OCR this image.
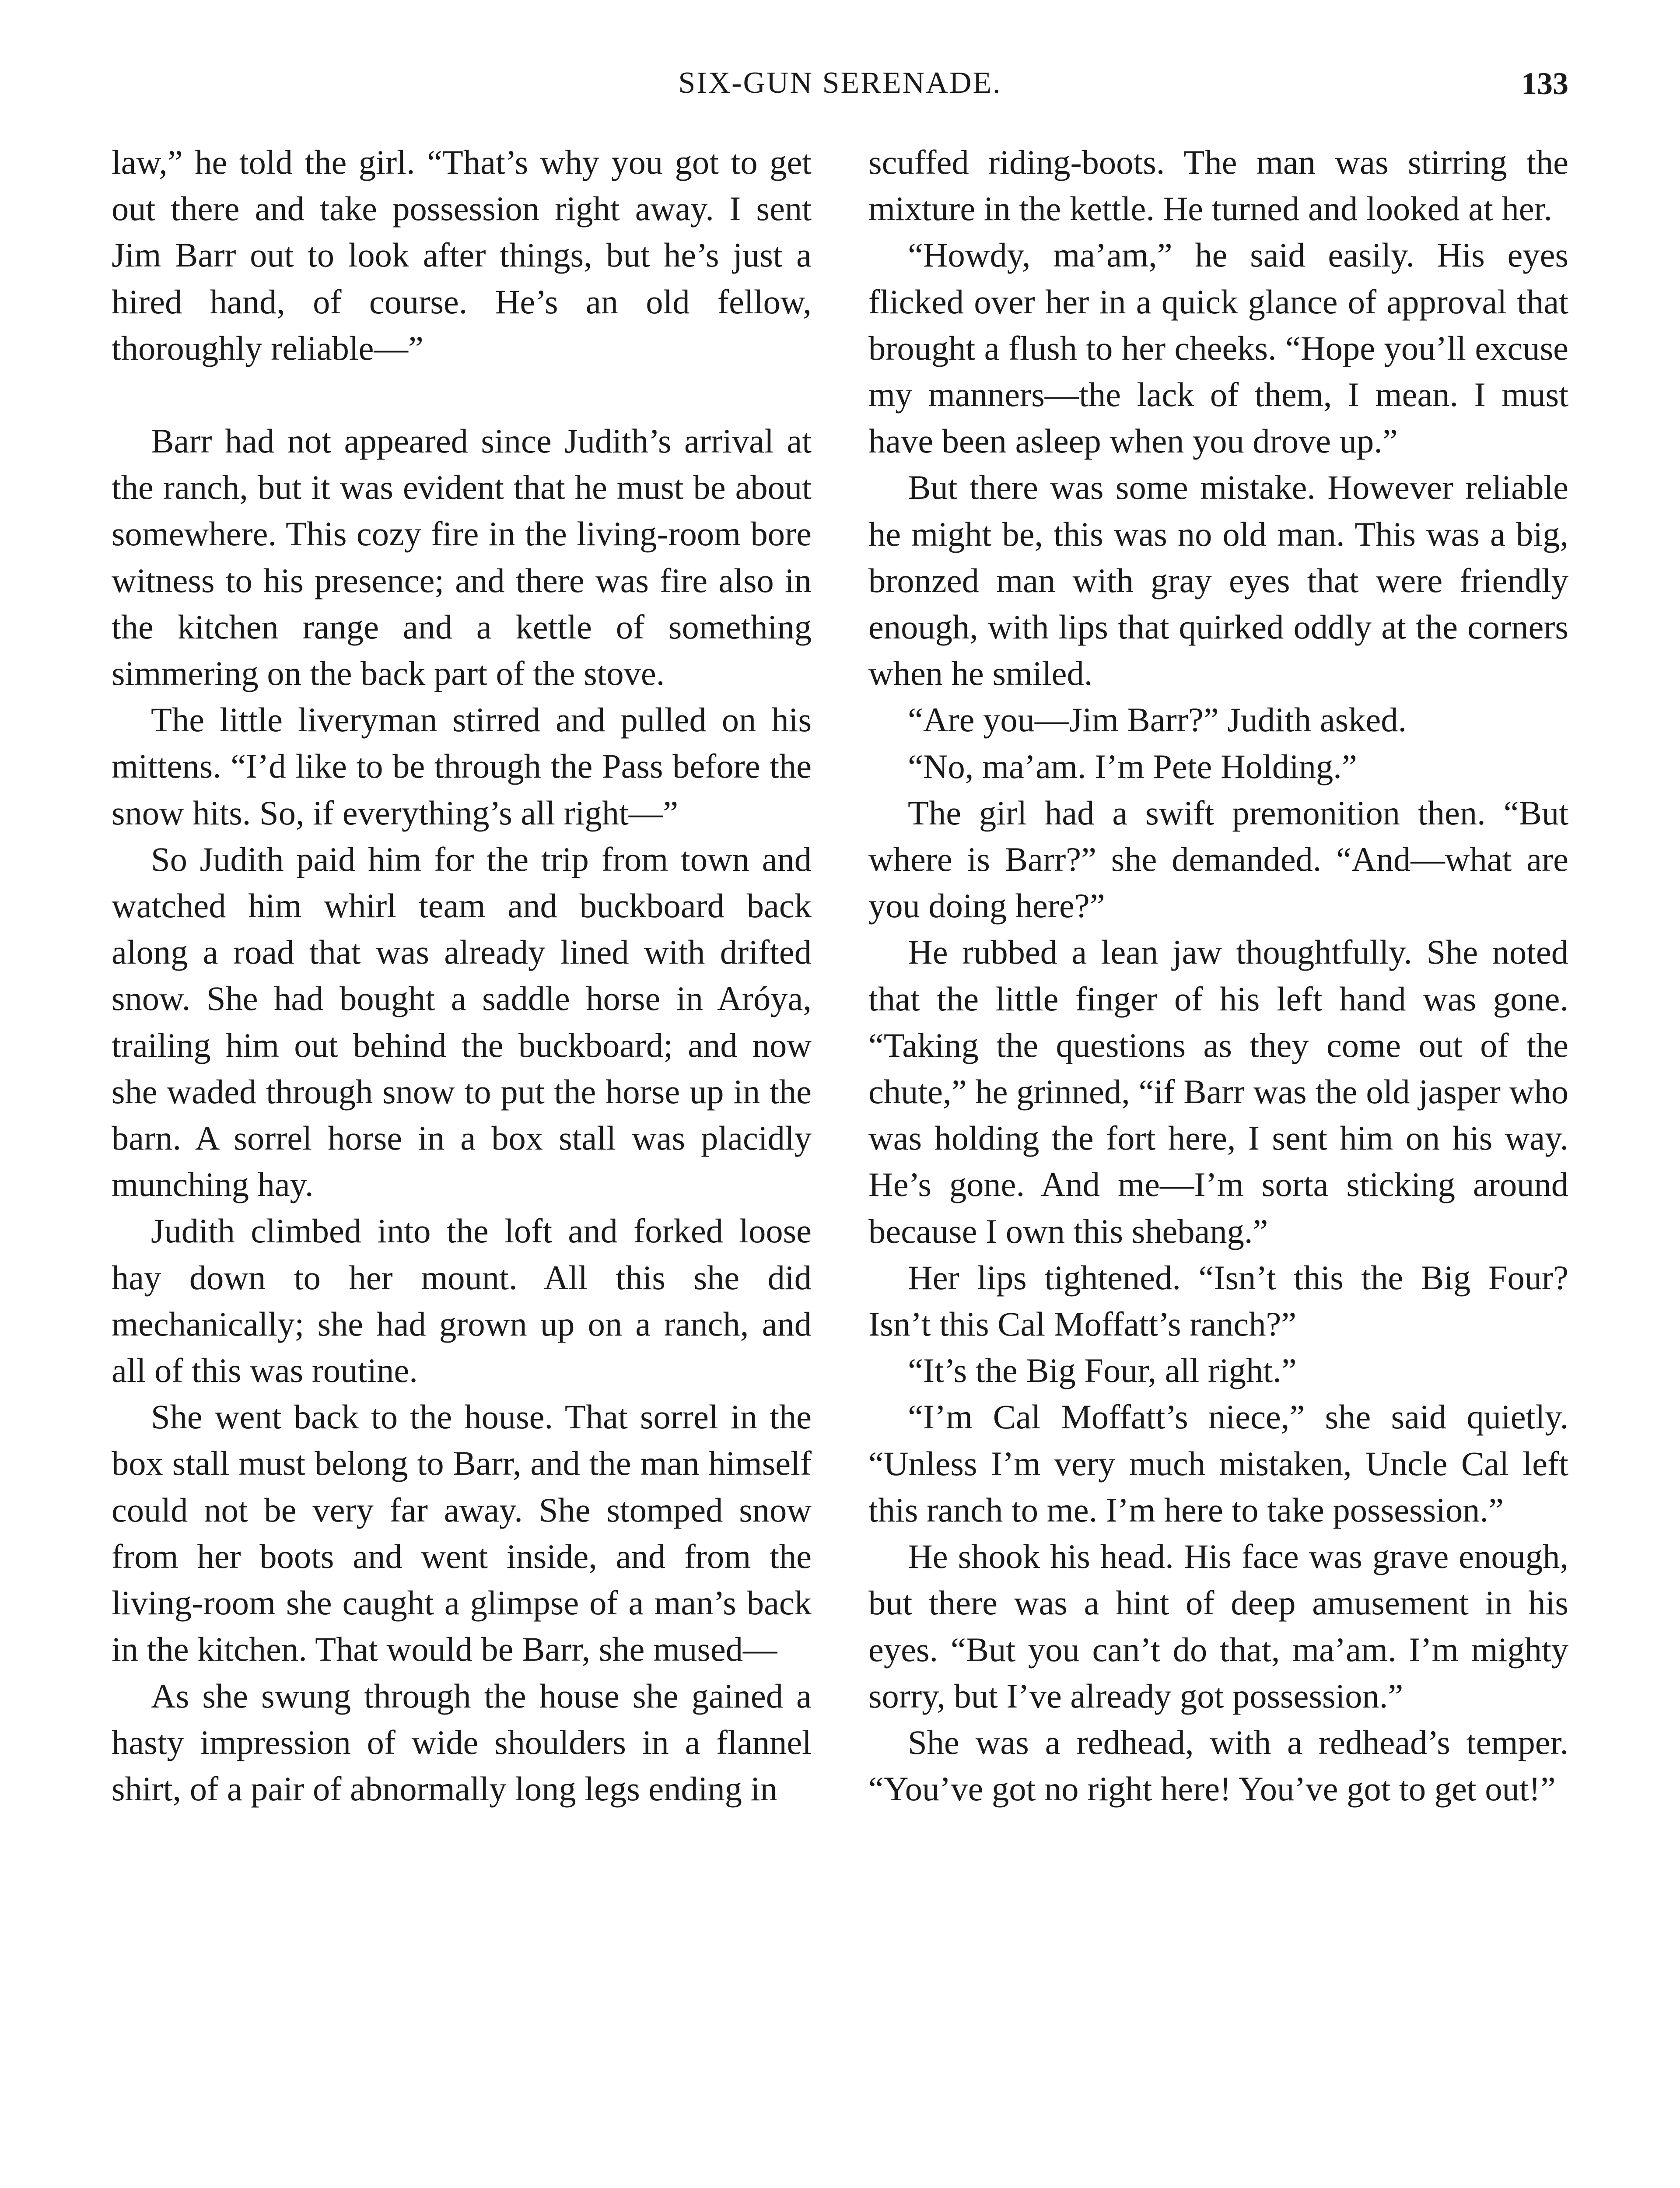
SIX-GUN SERENADE.	133

law,” he told the girl. “That’s why you got to get out there and take possession right away. I sent Jim Barr out to look after things, but he’s just a hired hand, of course. He’s an old fellow, thoroughly reliable—”

Barr had not appeared since Judith’s arrival at the ranch, but it was evident that he must be about somewhere. This cozy fire in the living-room bore witness to his presence; and there was fire also in the kitchen range and a kettle of something simmering on the back part of the stove.

The little liveryman stirred and pulled on his mittens. “I’d like to be through the Pass before the snow hits. So, if everything’s all right—”

So Judith paid him for the trip from town and watched him whirl team and buckboard back along a road that was already lined with drifted snow. She had bought a saddle horse in Aróya, trailing him out behind the buckboard; and now she waded through snow to put the horse up in the barn. A sorrel horse in a box stall was placidly munching hay.

Judith climbed into the loft and forked loose hay down to her mount. All this she did mechanically; she had grown up on a ranch, and all of this was routine.

She went back to the house. That sorrel in the box stall must belong to Barr, and the man himself could not be very far away. She stomped snow from her boots and went inside, and from the living-room she caught a glimpse of a man’s back in the kitchen. That would be Barr, she mused—

As she swung through the house she gained a hasty impression of wide shoulders in a flannel shirt, of a pair of abnormally long legs ending in

scuffed riding-boots. The man was stirring the mixture in the kettle. He turned and looked at her.

“Howdy, ma’am,” he said easily. His eyes flicked over her in a quick glance of approval that brought a flush to her cheeks. “Hope you’ll excuse my manners—the lack of them, I mean. I must have been asleep when you drove up.”

But there was some mistake. However reliable he might be, this was no old man. This was a big, bronzed man with gray eyes that were friendly enough, with lips that quirked oddly at the corners when he smiled.

“Are you—Jim Barr?” Judith asked.

“No, ma’am. I’m Pete Holding.”

The girl had a swift premonition then. “But where is Barr?” she demanded. “And—what are you doing here?”

He rubbed a lean jaw thoughtfully. She noted that the little finger of his left hand was gone. “Taking the questions as they come out of the chute,” he grinned, “if Barr was the old jasper who was holding the fort here, I sent him on his way. He’s gone. And me—I’m sorta sticking around because I own this shebang.”

Her lips tightened. “Isn’t this the Big Four? Isn’t this Cal Moffatt’s ranch?”

“It’s the Big Four, all right.”

“I’m Cal Moffatt’s niece,” she said quietly. “Unless I’m very much mistaken, Uncle Cal left this ranch to me. I’m here to take possession.”

He shook his head. His face was grave enough, but there was a hint of deep amusement in his eyes. “But you can’t do that, ma’am. I’m mighty sorry, but I’ve already got possession.”

She was a redhead, with a redhead’s temper. “You’ve got no right here! You’ve got to get out!”
